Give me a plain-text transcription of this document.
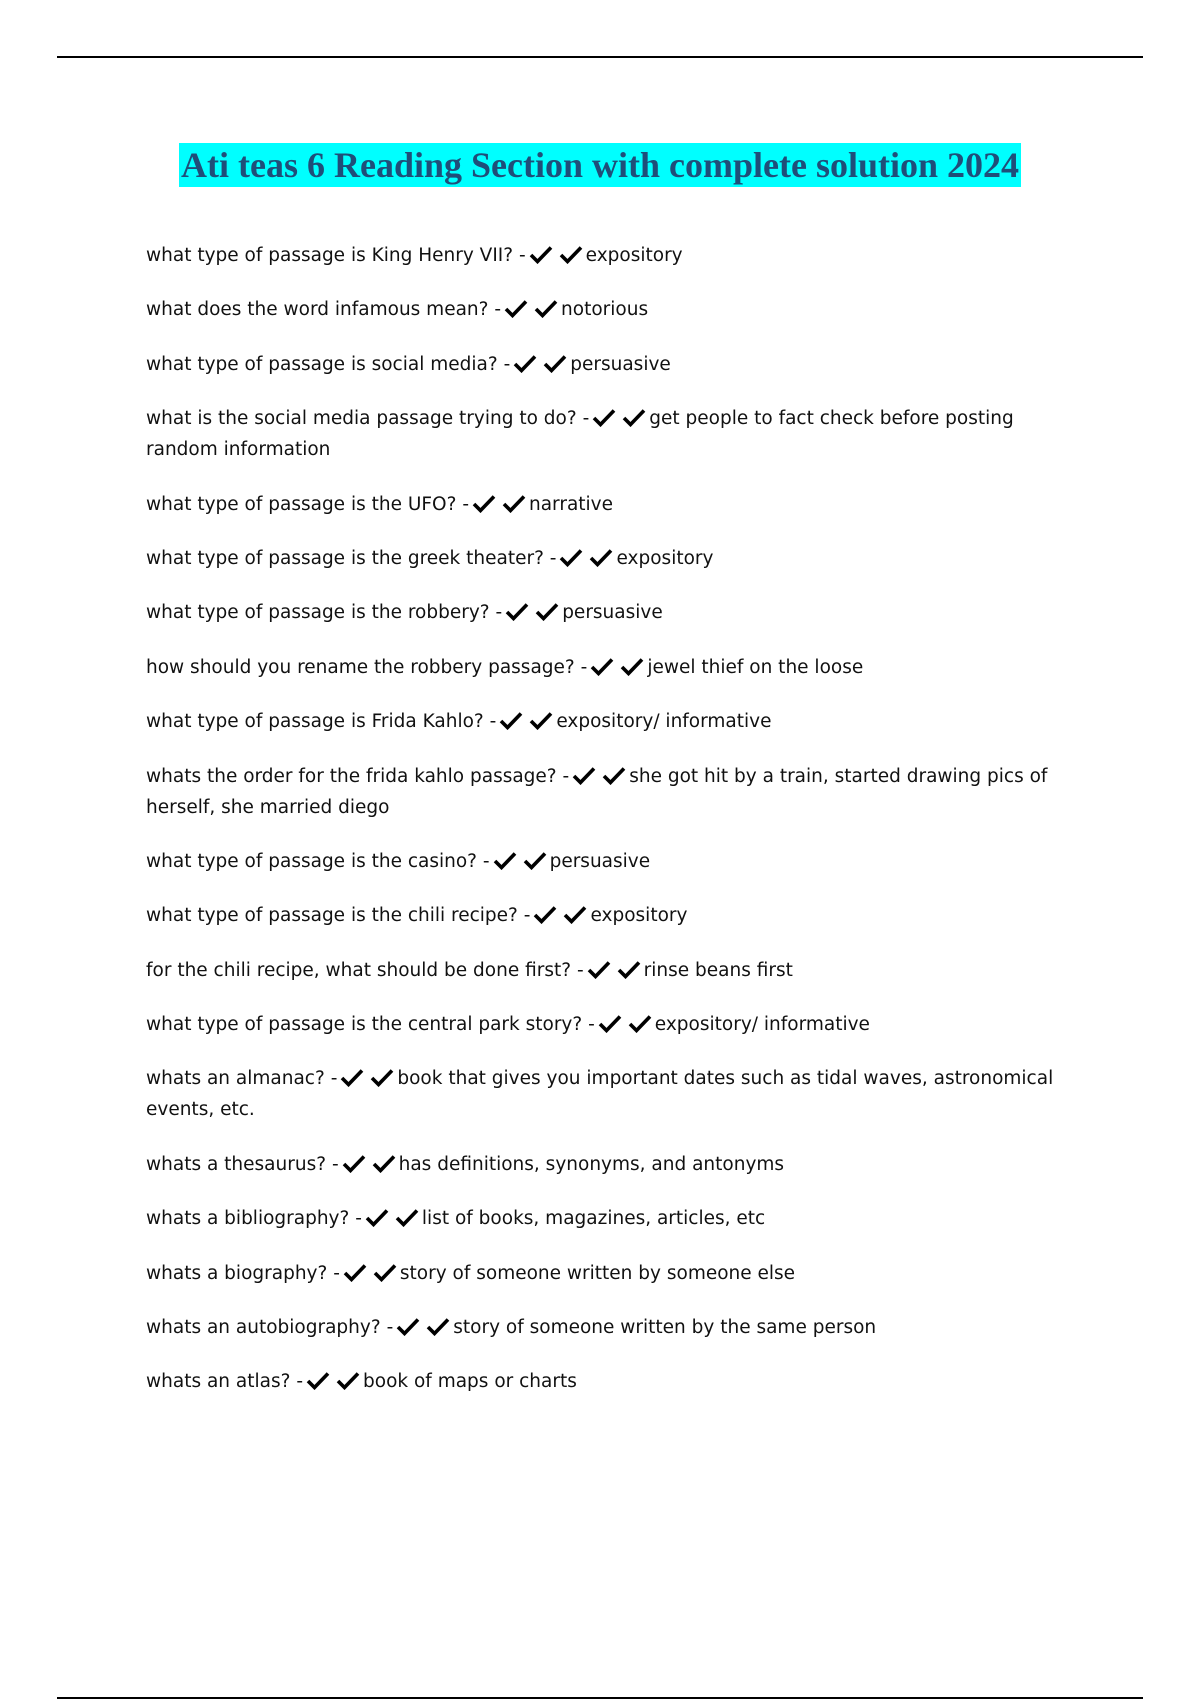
Ati teas 6 Reading Section with complete solution 2024
what type of passage is King Henry VII? -	expository
what does the word infamous mean? -	notorious
what type of passage is social media? -	persuasive
what is the social media passage trying to do? -	get people to fact check before posting random information
what type of passage is the UFO? -	narrative
what type of passage is the greek theater? -	expository
what type of passage is the robbery? -	persuasive
how should you rename the robbery passage? -	jewel thief on the loose
what type of passage is Frida Kahlo? -	expository/ informative
whats the order for the frida kahlo passage? -	she got hit by a train, started drawing pics of herself, she married diego
what type of passage is the casino? -	persuasive
what type of passage is the chili recipe? -	expository
for the chili recipe, what should be done first? -	rinse beans first
what type of passage is the central park story? -	expository/ informative
whats an almanac? -	book that gives you important dates such as tidal waves, astronomical events, etc.
whats a thesaurus? -	has definitions, synonyms, and antonyms
whats a bibliography? -	list of books, magazines, articles, etc
whats a biography? -	story of someone written by someone else
whats an autobiography? -	story of someone written by the same person
whats an atlas? -	book of maps or charts
